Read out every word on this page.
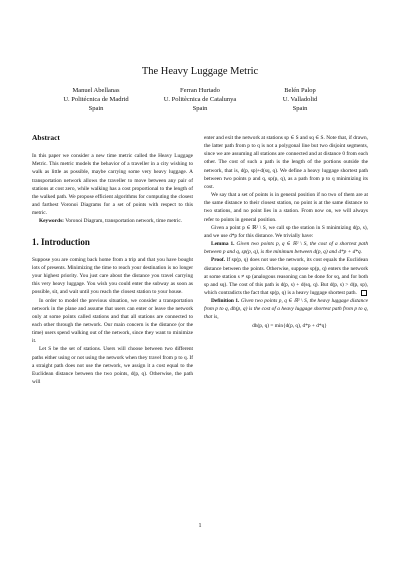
The Heavy Luggage Metric
Manuel Abellanas
U. Politécnica de Madrid
Spain
Ferran Hurtado
U. Politècnica de Catalunya
Spain
Belén Palop
U. Valladolid
Spain
Abstract

In this paper we consider a new time metric called the Heavy Luggage Metric. This metric models the behavior of a traveller in a city wishing to walk as little as possible, maybe carrying some very heavy luggage. A transportation network allows the traveller to move between any pair of stations at cost zero, while walking has a cost proportional to the length of the walked path. We propose efficient algorithms for computing the closest and farthest Voronoi Diagrams for a set of points with respect to this metric.

Keywords: Voronoi Diagram, transportation network, time metric.

1. Introduction

Suppose you are coming back home from a trip and that you have bought lots of presents. Minimizing the time to reach your destination is no longer your highest priority. You just care about the distance you travel carrying this very heavy luggage. You wish you could enter the subway as soon as possible, sit, and wait until you reach the closest station to your house.

In order to model the previous situation, we consider a transportation network in the plane and assume that users can enter or leave the network only at some points called stations and that all stations are connected to each other through the network. Our main concern is the distance (or the time) users spend walking out of the network, since they want to minimize it.

Let S be the set of stations. Users will choose between two different paths either using or not using the network when they travel from p to q. If a straight path does not use the network, we assign it a cost equal to the Euclidean distance between the two points, d(p, q). Otherwise, the path will

enter and exit the network at stations sp ∈ S and sq ∈ S. Note that, if drawn, the latter path from p to q is not a polygonal line but two disjoint segments, since we are assuming all stations are connected and at distance 0 from each other. The cost of such a path is the length of the portions outside the network, that is, d(p, sp)+d(sq, q). We define a heavy luggage shortest path between two points p and q, sp(p, q), as a path from p to q minimizing its cost.

We say that a set of points is in general position if no two of them are at the same distance to their closest station, no point is at the same distance to two stations, and no point lies in a station. From now on, we will always refer to points in general position.

Given a point p ∈ ℝ² \ S, we call sp the station in S minimizing d(p, s), and we use d*p for this distance. We trivially have:

Lemma 1. Given two points p, q ∈ ℝ² \ S, the cost of a shortest path between p and q, sp(p, q), is the minimum between d(p, q) and d*p + d*q.

Proof. If sp(p, q) does not use the network, its cost equals the Euclidean distance between the points. Otherwise, suppose sp(p, q) enters the network at some station s ≠ sp (analogous reasoning can be done for sq, and for both sp and sq). The cost of this path is d(p, s) + d(sq, q). But d(p, s) > d(p, sp), which contradicts the fact that sp(p, q) is a heavy luggage shortest path.

Definition 1. Given two points p, q ∈ ℝ² \ S, the heavy luggage distance from p to q, dh(p, q) is the cost of a heavy luggage shortest path from p to q, that is,

dh(p, q) = min{d(p, q), d*p + d*q}

1
